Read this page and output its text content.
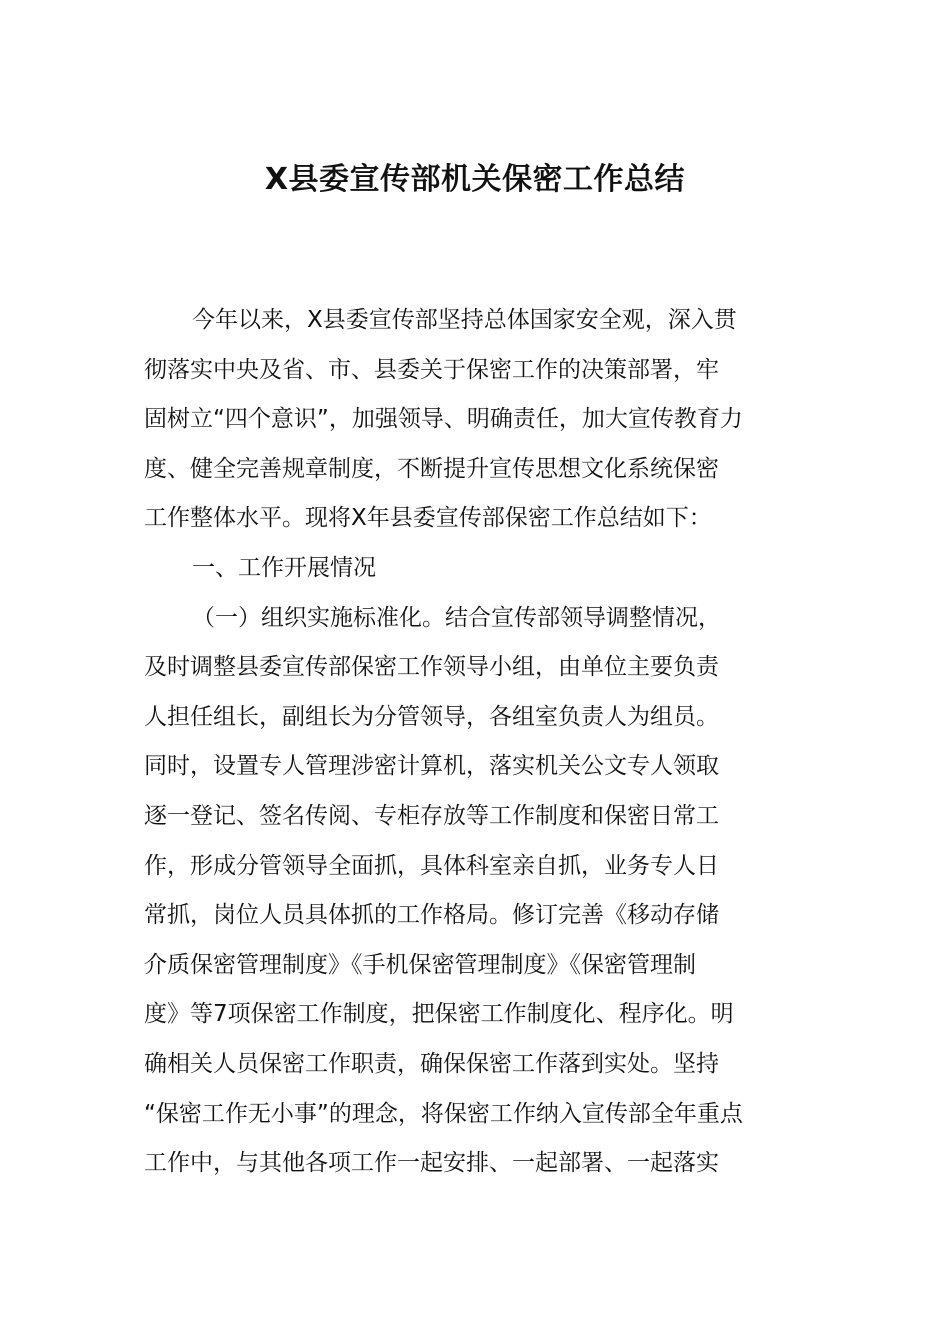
X县委宣传部机关保密工作总结
今年以来，X县委宣传部坚持总体国家安全观，深入贯
彻落实中央及省、市、县委关于保密工作的决策部署，牢
固树立“四个意识”，加强领导、明确责任，加大宣传教育力
度、健全完善规章制度，不断提升宣传思想文化系统保密
工作整体水平。现将X年县委宣传部保密工作总结如下：
一、工作开展情况
（一）组织实施标准化。结合宣传部领导调整情况，
及时调整县委宣传部保密工作领导小组，由单位主要负责
人担任组长，副组长为分管领导，各组室负责人为组员。
同时，设置专人管理涉密计算机，落实机关公文专人领取
逐一登记、签名传阅、专柜存放等工作制度和保密日常工
作，形成分管领导全面抓，具体科室亲自抓，业务专人日
常抓，岗位人员具体抓的工作格局。修订完善《移动存储
介质保密管理制度》《手机保密管理制度》《保密管理制
度》等7项保密工作制度，把保密工作制度化、程序化。明
确相关人员保密工作职责，确保保密工作落到实处。坚持
“保密工作无小事”的理念，将保密工作纳入宣传部全年重点
工作中，与其他各项工作一起安排、一起部署、一起落实
